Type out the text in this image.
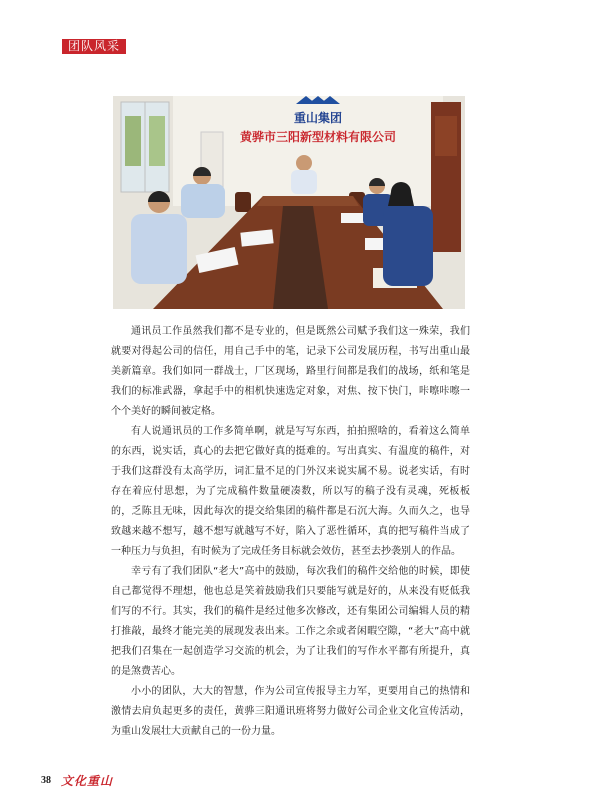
团队风采
重山集团
黄骅市三阳新型材料有限公司

通讯员工作虽然我们都不是专业的，但是既然公司赋予我们这一殊荣，我们就要对得起公司的信任，用自己手中的笔，记录下公司发展历程，书写出重山最美新篇章。我们如同一群战士，厂区现场，路里行间都是我们的战场，纸和笔是我们的标准武器，拿起手中的相机快速选定对象，对焦、按下快门，咔嚓咔嚓一个个美好的瞬间被定格。

有人说通讯员的工作多简单啊，就是写写东西，拍拍照啥的，看着这么简单的东西，说实话，真心的去把它做好真的挺难的。写出真实、有温度的稿件，对于我们这群没有太高学历，词汇量不足的门外汉来说实属不易。说老实话，有时存在着应付思想，为了完成稿件数量硬凑数，所以写的稿子没有灵魂，死板板的，乏陈且无味，因此每次的提交给集团的稿件都是石沉大海。久而久之，也导致越来越不想写，越不想写就越写不好，陷入了恶性循环，真的把写稿件当成了一种压力与负担，有时候为了完成任务目标就会效仿，甚至去抄袭别人的作品。

幸亏有了我们团队“老大”高中的鼓励，每次我们的稿件交给他的时候，即使自己都觉得不理想，他也总是笑着鼓励我们只要能写就是好的，从来没有贬低我们写的不行。其实，我们的稿件是经过他多次修改，还有集团公司编辑人员的精打推敲，最终才能完美的展现发表出来。工作之余或者闲暇空隙，“老大”高中就把我们召集在一起创造学习交流的机会，为了让我们的写作水平都有所提升，真的是煞费苦心。

小小的团队，大大的智慧，作为公司宣传报导主力军，更要用自己的热情和激情去肩负起更多的责任，黄骅三阳通讯班将努力做好公司企业文化宣传活动，为重山发展壮大贡献自己的一份力量。

38 文化重山
